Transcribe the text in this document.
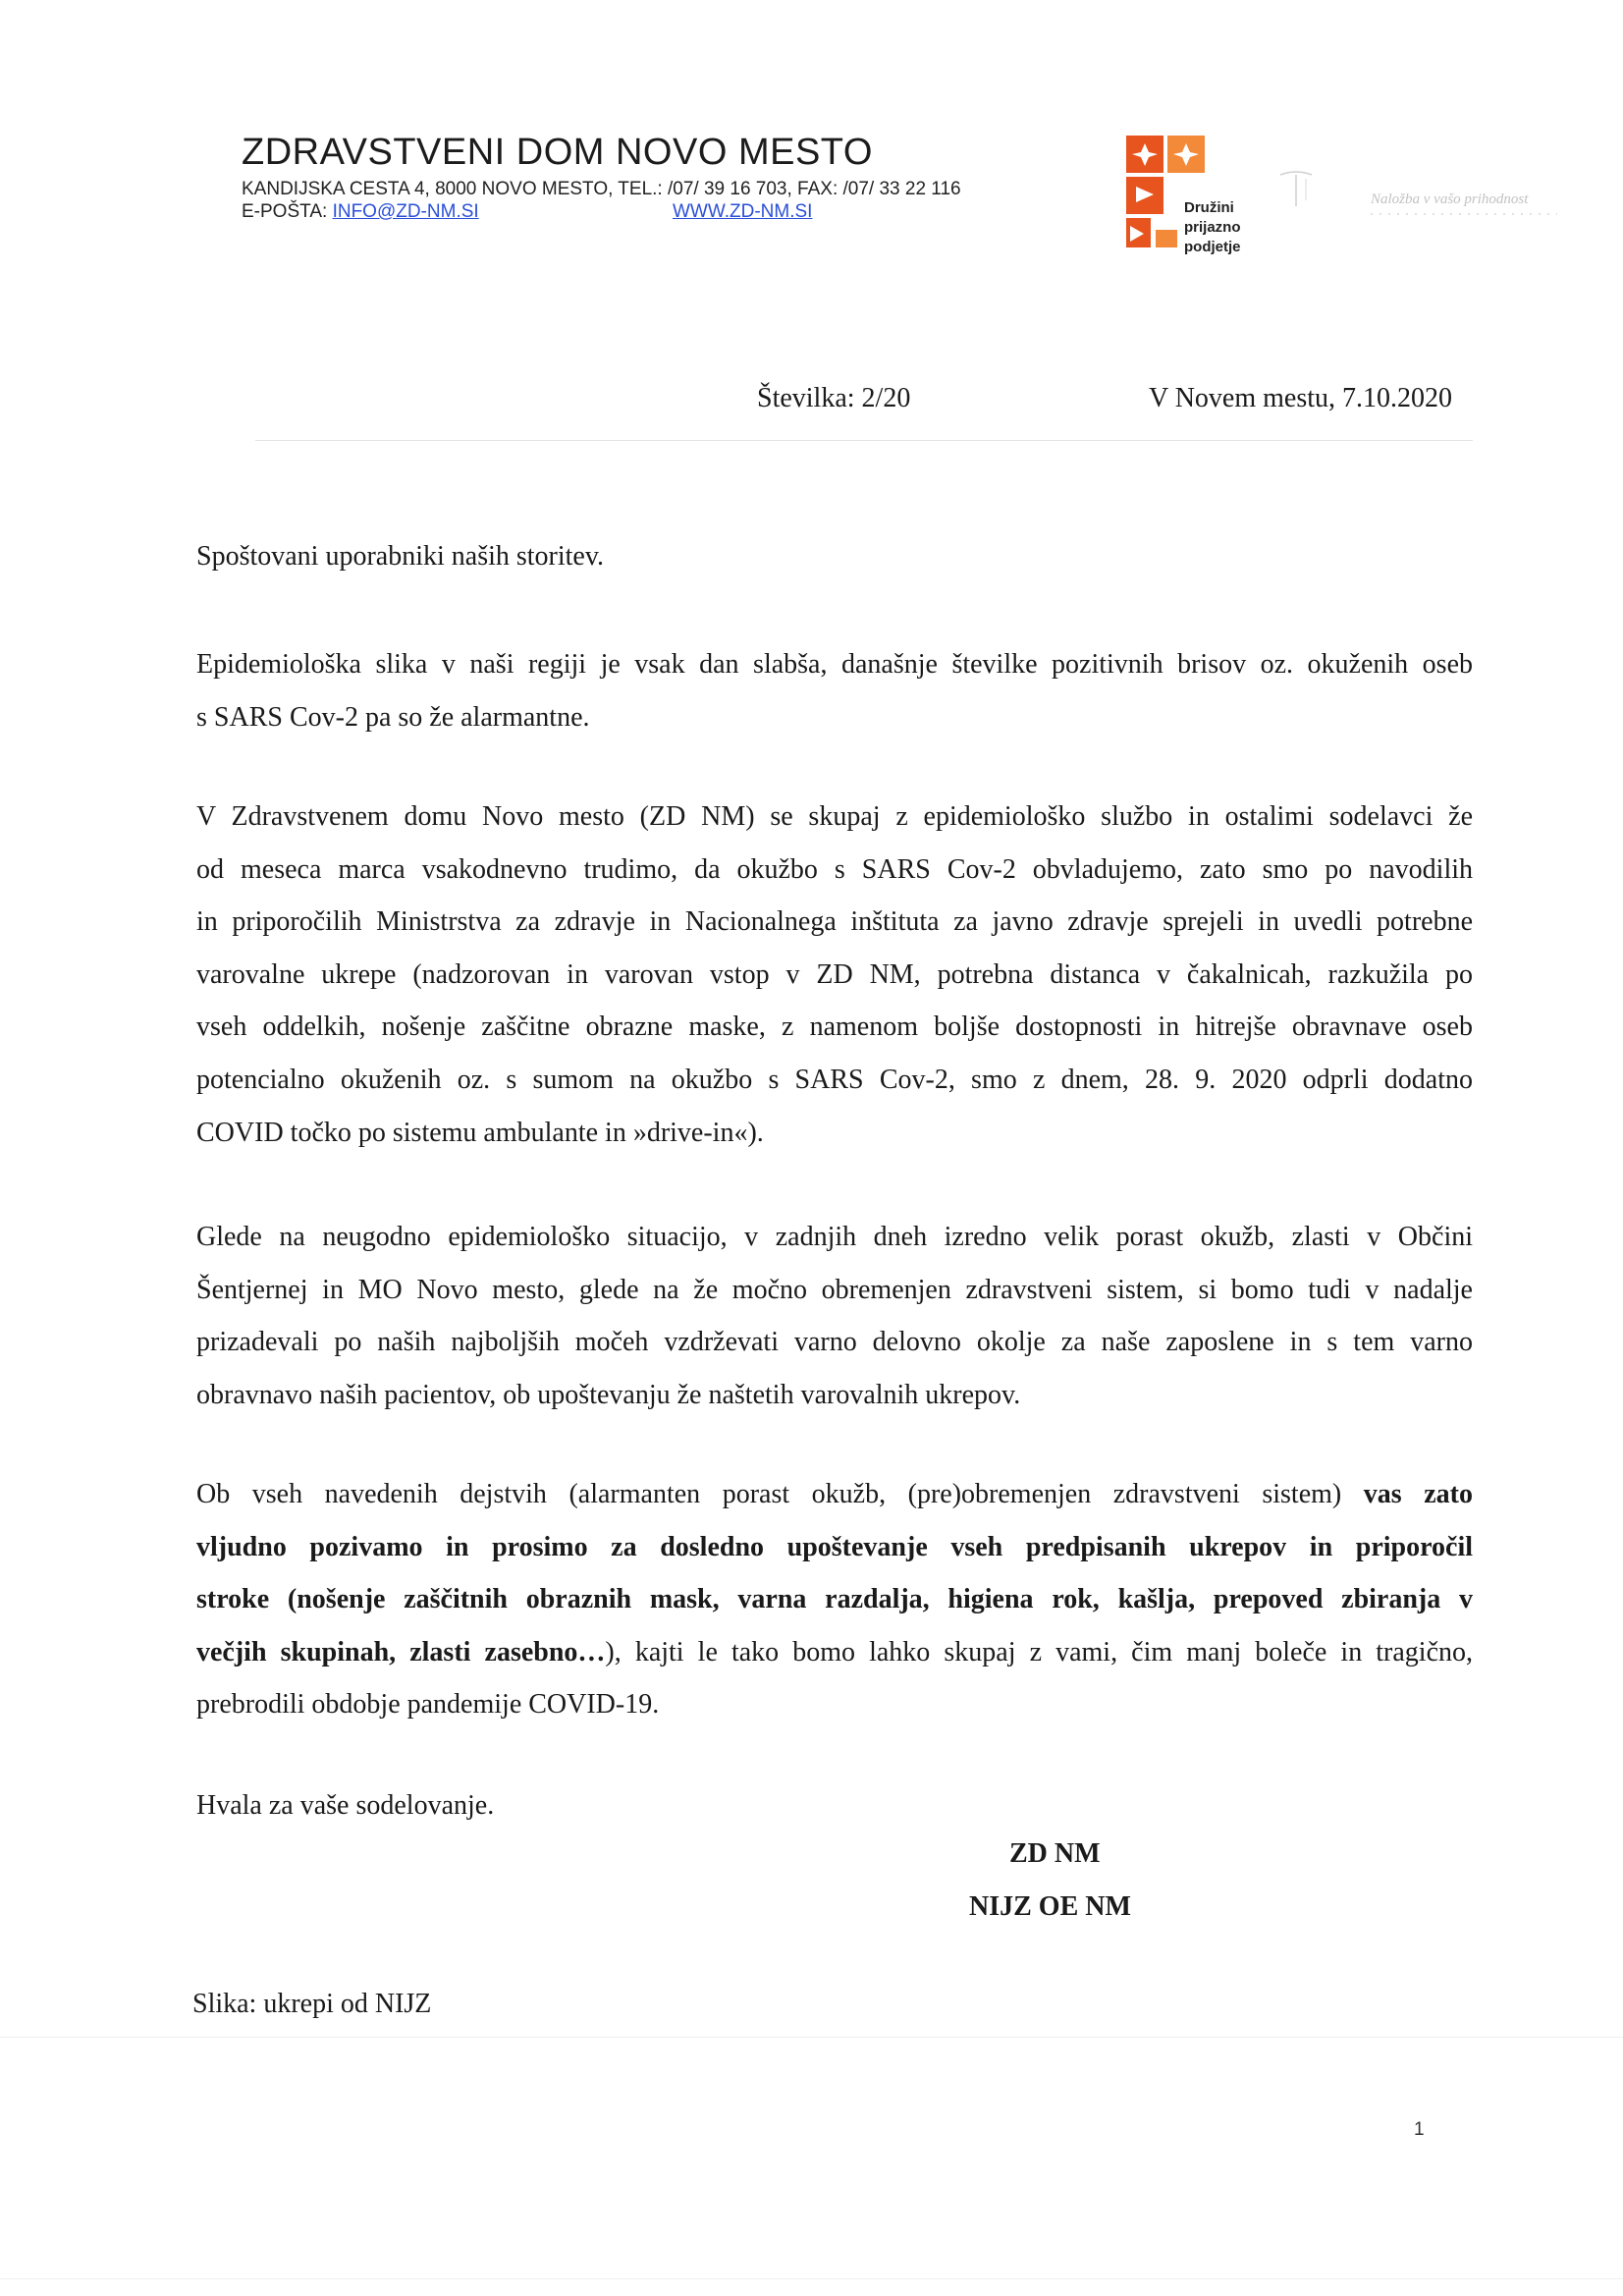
ZDRAVSTVENI DOM NOVO MESTO
KANDIJSKA CESTA 4, 8000 NOVO MESTO, TEL.: /07/ 39 16 703, FAX: /07/ 33 22 116
E-POŠTA: INFO@ZD-NM.SI	WWW.ZD-NM.SI	Družini
prijazno
podjetje
Naložba v vašo prihodnost
Številka: 2/20	V Novem mestu, 7.10.2020
Spoštovani uporabniki naših storitev.
Epidemiološka slika v naši regiji je vsak dan slabša, današnje številke pozitivnih brisov oz. okuženih oseb
s SARS Cov-2 pa so že alarmantne.
V Zdravstvenem domu Novo mesto (ZD NM) se skupaj z epidemiološko službo in ostalimi sodelavci že
od meseca marca vsakodnevno trudimo, da okužbo s SARS Cov-2 obvladujemo, zato smo po navodilih
in priporočilih Ministrstva za zdravje in Nacionalnega inštituta za javno zdravje sprejeli in uvedli potrebne
varovalne ukrepe (nadzorovan in varovan vstop v ZD NM, potrebna distanca v čakalnicah, razkužila po
vseh oddelkih, nošenje zaščitne obrazne maske, z namenom boljše dostopnosti in hitrejše obravnave oseb
potencialno okuženih oz. s sumom na okužbo s SARS Cov-2, smo z dnem, 28. 9. 2020 odprli dodatno
COVID točko po sistemu ambulante in »drive-in«).
Glede na neugodno epidemiološko situacijo, v zadnjih dneh izredno velik porast okužb, zlasti v Občini
Šentjernej in MO Novo mesto, glede na že močno obremenjen zdravstveni sistem, si bomo tudi v nadalje
prizadevali po naših najboljših močeh vzdrževati varno delovno okolje za naše zaposlene in s tem varno
obravnavo naših pacientov, ob upoštevanju že naštetih varovalnih ukrepov.
Ob vseh navedenih dejstvih (alarmanten porast okužb, (pre)obremenjen zdravstveni sistem) vas zato
vljudno pozivamo in prosimo za dosledno upoštevanje vseh predpisanih ukrepov in priporočil
stroke (nošenje zaščitnih obraznih mask, varna razdalja, higiena rok, kašlja, prepoved zbiranja v
večjih skupinah, zlasti zasebno…), kajti le tako bomo lahko skupaj z vami, čim manj boleče in tragično,
prebrodili obdobje pandemije COVID-19.
Hvala za vaše sodelovanje.
ZD NM
NIJZ OE NM
Slika: ukrepi od NIJZ
1
